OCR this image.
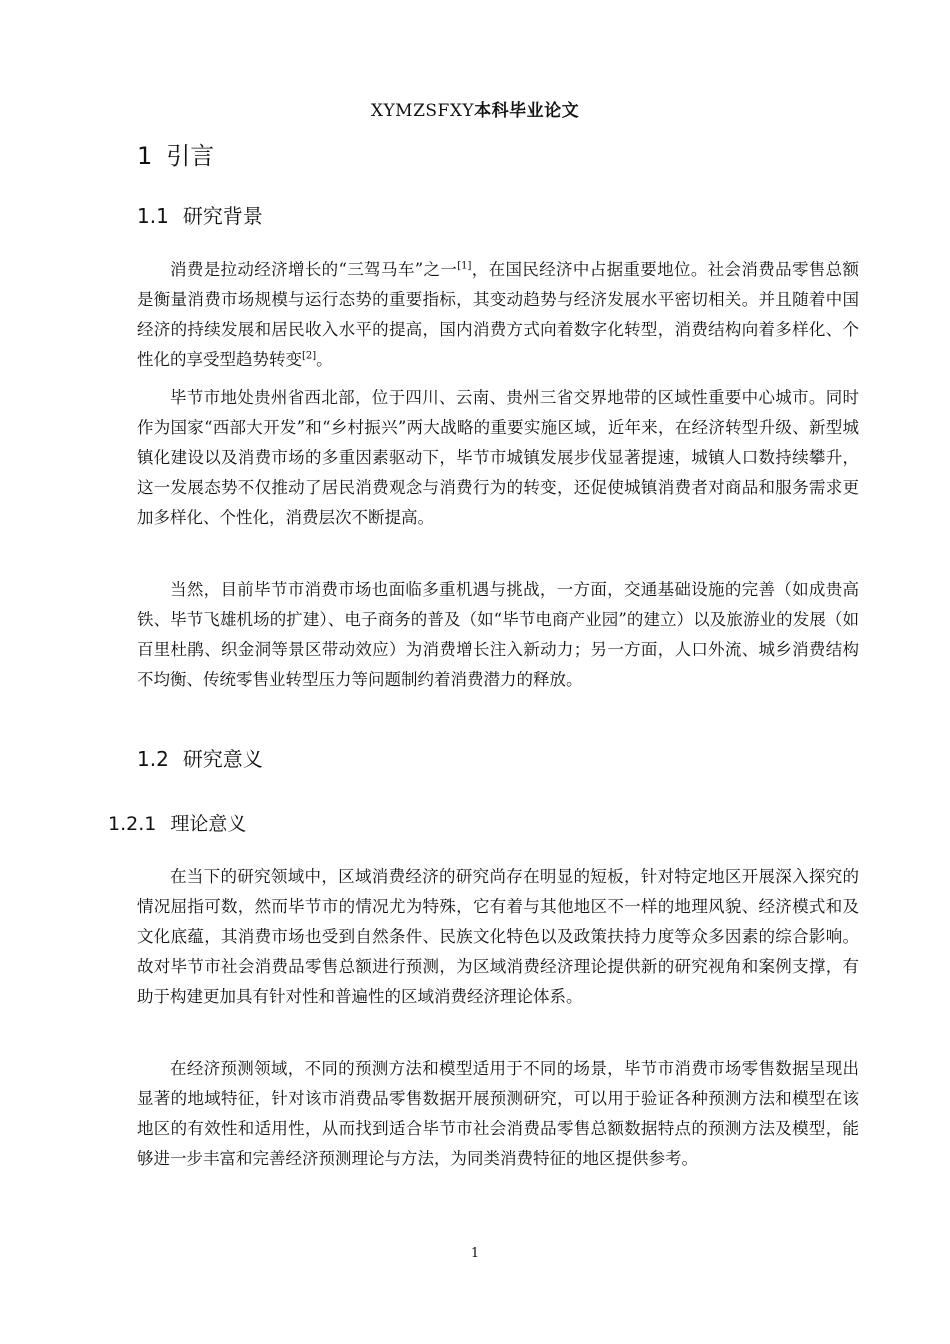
XYMZSFXY本科毕业论文
1 引言
1.1 研究背景

消费是拉动经济增长的“三驾马车”之一[1]，在国民经济中占据重要地位。社会消费品零售总额是衡量消费市场规模与运行态势的重要指标，其变动趋势与经济发展水平密切相关。并且随着中国经济的持续发展和居民收入水平的提高，国内消费方式向着数字化转型，消费结构向着多样化、个性化的享受型趋势转变[2]。

毕节市地处贵州省西北部，位于四川、云南、贵州三省交界地带的区域性重要中心城市。同时作为国家“西部大开发”和“乡村振兴”两大战略的重要实施区域，近年来，在经济转型升级、新型城镇化建设以及消费市场的多重因素驱动下，毕节市城镇发展步伐显著提速，城镇人口数持续攀升，这一发展态势不仅推动了居民消费观念与消费行为的转变，还促使城镇消费者对商品和服务需求更加多样化、个性化，消费层次不断提高。

当然，目前毕节市消费市场也面临多重机遇与挑战，一方面，交通基础设施的完善（如成贵高铁、毕节飞雄机场的扩建）、电子商务的普及（如“毕节电商产业园”的建立）以及旅游业的发展（如百里杜鹃、织金洞等景区带动效应）为消费增长注入新动力；另一方面，人口外流、城乡消费结构不均衡、传统零售业转型压力等问题制约着消费潜力的释放。

1.2 研究意义
1.2.1 理论意义

在当下的研究领域中，区域消费经济的研究尚存在明显的短板，针对特定地区开展深入探究的情况屈指可数，然而毕节市的情况尤为特殊，它有着与其他地区不一样的地理风貌、经济模式和及文化底蕴，其消费市场也受到自然条件、民族文化特色以及政策扶持力度等众多因素的综合影响。故对毕节市社会消费品零售总额进行预测，为区域消费经济理论提供新的研究视角和案例支撑，有助于构建更加具有针对性和普遍性的区域消费经济理论体系。

在经济预测领域，不同的预测方法和模型适用于不同的场景，毕节市消费市场零售数据呈现出显著的地域特征，针对该市消费品零售数据开展预测研究，可以用于验证各种预测方法和模型在该地区的有效性和适用性，从而找到适合毕节市社会消费品零售总额数据特点的预测方法及模型，能够进一步丰富和完善经济预测理论与方法，为同类消费特征的地区提供参考。

1
